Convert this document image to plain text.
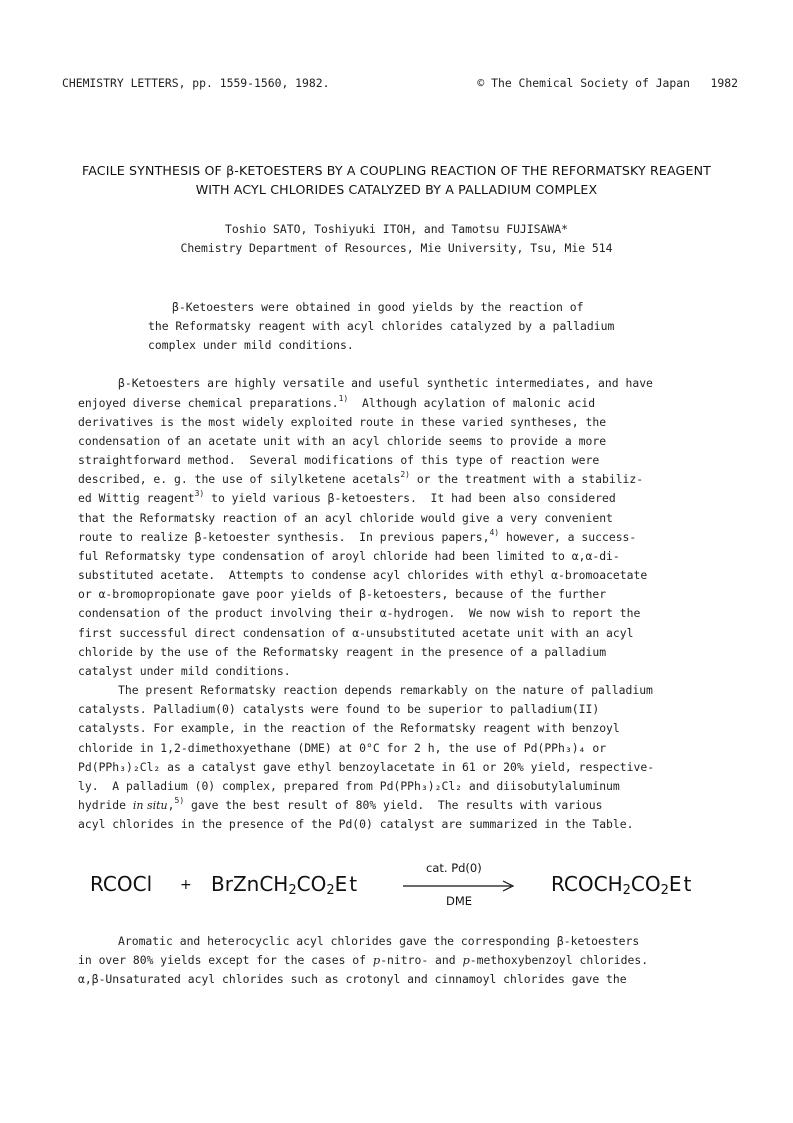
CHEMISTRY LETTERS, pp. 1559-1560, 1982.	© The Chemical Society of Japan   1982
FACILE SYNTHESIS OF β-KETOESTERS BY A COUPLING REACTION OF THE REFORMATSKY REAGENT
WITH ACYL CHLORIDES CATALYZED BY A PALLADIUM COMPLEX
Toshio SATO, Toshiyuki ITOH, and Tamotsu FUJISAWA*
Chemistry Department of Resources, Mie University, Tsu, Mie 514
β-Ketoesters were obtained in good yields by the reaction of
the Reformatsky reagent with acyl chlorides catalyzed by a palladium
complex under mild conditions.
β-Ketoesters are highly versatile and useful synthetic intermediates, and have
enjoyed diverse chemical preparations.$^{1)}$  Although acylation of malonic acid
derivatives is the most widely exploited route in these varied syntheses, the
condensation of an acetate unit with an acyl chloride seems to provide a more
straightforward method.  Several modifications of this type of reaction were
described, e. g. the use of silylketene acetals$^{2)}$ or the treatment with a stabiliz-
ed Wittig reagent$^{3)}$ to yield various β-ketoesters.  It had been also considered
that the Reformatsky reaction of an acyl chloride would give a very convenient
route to realize β-ketoester synthesis.  In previous papers,$^{4)}$ however, a success-
ful Reformatsky type condensation of aroyl chloride had been limited to α,α-di-
substituted acetate.  Attempts to condense acyl chlorides with ethyl α-bromoacetate
or α-bromopropionate gave poor yields of β-ketoesters, because of the further
condensation of the product involving their α-hydrogen.  We now wish to report the
first successful direct condensation of α-unsubstituted acetate unit with an acyl
chloride by the use of the Reformatsky reagent in the presence of a palladium
catalyst under mild conditions.
The present Reformatsky reaction depends remarkably on the nature of palladium
catalysts. Palladium(0) catalysts were found to be superior to palladium(II)
catalysts. For example, in the reaction of the Reformatsky reagent with benzoyl
chloride in 1,2-dimethoxyethane (DME) at 0°C for 2 h, the use of Pd(PPh₃)₄ or
Pd(PPh₃)₂Cl₂ as a catalyst gave ethyl benzoylacetate in 61 or 20% yield, respective-
ly.  A palladium (0) complex, prepared from Pd(PPh₃)₂Cl₂ and diisobutylaluminum
hydride in situ,$^{5)}$ gave the best result of 80% yield.  The results with various
acyl chlorides in the presence of the Pd(0) catalyst are summarized in the Table.
RCOCl + $BrZnCH_2CO_2Et$
cat. Pd(0)
DME
$RCOCH_2CO_2Et$
Aromatic and heterocyclic acyl chlorides gave the corresponding β-ketoesters
in over 80% yields except for the cases of p-nitro- and p-methoxybenzoyl chlorides.
α,β-Unsaturated acyl chlorides such as crotonyl and cinnamoyl chlorides gave the
